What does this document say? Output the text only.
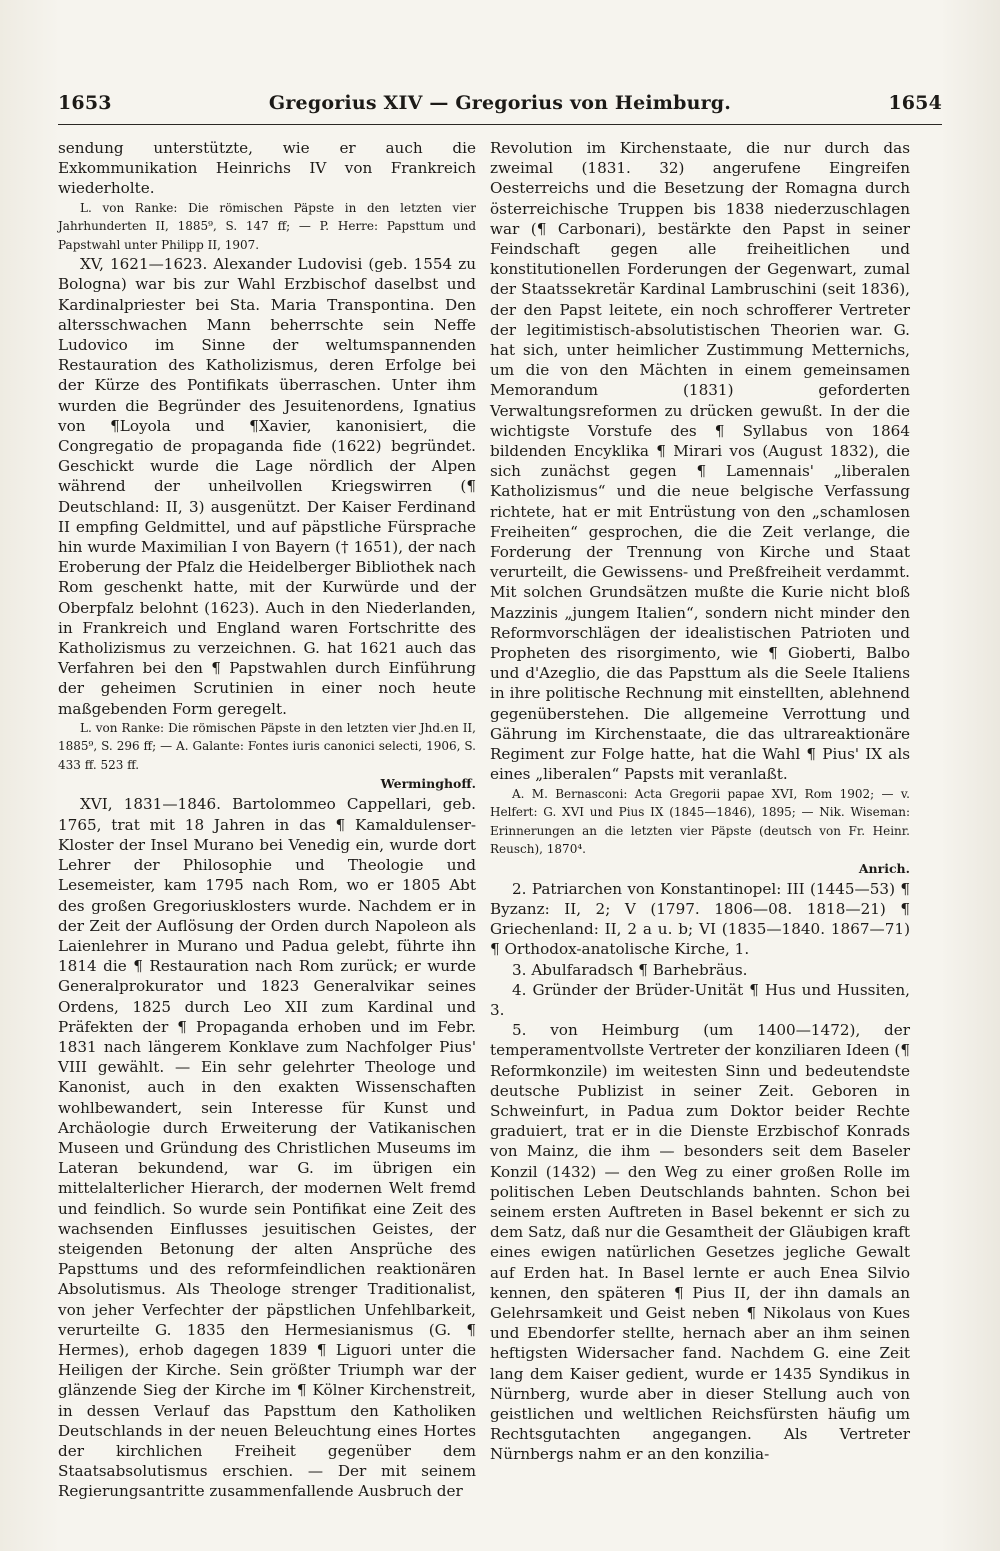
1653	Gregorius XIV — Gregorius von Heimburg.	1654

sendung unterstützte, wie er auch die Exkommunikation Heinrichs IV von Frankreich wiederholte.

L. von Ranke: Die römischen Päpste in den letzten vier Jahrhunderten II, 1885⁹, S. 147 ff; — P. Herre: Papsttum und Papstwahl unter Philipp II, 1907.

XV, 1621—1623. Alexander Ludovisi (geb. 1554 zu Bologna) war bis zur Wahl Erzbischof daselbst und Kardinalpriester bei Sta. Maria Transpontina. Den altersschwachen Mann beherrschte sein Neffe Ludovico im Sinne der weltumspannenden Restauration des Katholizismus, deren Erfolge bei der Kürze des Pontifikats überraschen. Unter ihm wurden die Begründer des Jesuitenordens, Ignatius von ¶Loyola und ¶Xavier, kanonisiert, die Congregatio de propaganda fide (1622) begründet. Geschickt wurde die Lage nördlich der Alpen während der unheilvollen Kriegswirren (¶ Deutschland: II, 3) ausgenützt. Der Kaiser Ferdinand II empfing Geldmittel, und auf päpstliche Fürsprache hin wurde Maximilian I von Bayern († 1651), der nach Eroberung der Pfalz die Heidelberger Bibliothek nach Rom geschenkt hatte, mit der Kurwürde und der Oberpfalz belohnt (1623). Auch in den Niederlanden, in Frankreich und England waren Fortschritte des Katholizismus zu verzeichnen. G. hat 1621 auch das Verfahren bei den ¶ Papstwahlen durch Einführung der geheimen Scrutinien in einer noch heute maßgebenden Form geregelt.

L. von Ranke: Die römischen Päpste in den letzten vier Jhd.en II, 1885⁹, S. 296 ff; — A. Galante: Fontes iuris canonici selecti, 1906, S. 433 ff. 523 ff.

Werminghoff.

XVI, 1831—1846. Bartolommeo Cappellari, geb. 1765, trat mit 18 Jahren in das ¶ Kamaldulenser-Kloster der Insel Murano bei Venedig ein, wurde dort Lehrer der Philosophie und Theologie und Lesemeister, kam 1795 nach Rom, wo er 1805 Abt des großen Gregoriusklosters wurde. Nachdem er in der Zeit der Auflösung der Orden durch Napoleon als Laienlehrer in Murano und Padua gelebt, führte ihn 1814 die ¶ Restauration nach Rom zurück; er wurde Generalprokurator und 1823 Generalvikar seines Ordens, 1825 durch Leo XII zum Kardinal und Präfekten der ¶ Propaganda erhoben und im Febr. 1831 nach längerem Konklave zum Nachfolger Pius' VIII gewählt. — Ein sehr gelehrter Theologe und Kanonist, auch in den exakten Wissenschaften wohlbewandert, sein Interesse für Kunst und Archäologie durch Erweiterung der Vatikanischen Museen und Gründung des Christlichen Museums im Lateran bekundend, war G. im übrigen ein mittelalterlicher Hierarch, der modernen Welt fremd und feindlich. So wurde sein Pontifikat eine Zeit des wachsenden Einflusses jesuitischen Geistes, der steigenden Betonung der alten Ansprüche des Papsttums und des reformfeindlichen reaktionären Absolutismus. Als Theologe strenger Traditionalist, von jeher Verfechter der päpstlichen Unfehlbarkeit, verurteilte G. 1835 den Hermesianismus (G. ¶ Hermes), erhob dagegen 1839 ¶ Liguori unter die Heiligen der Kirche. Sein größter Triumph war der glänzende Sieg der Kirche im ¶ Kölner Kirchenstreit, in dessen Verlauf das Papsttum den Katholiken Deutschlands in der neuen Beleuchtung eines Hortes der kirchlichen Freiheit gegenüber dem Staatsabsolutismus erschien. — Der mit seinem Regierungsantritte zusammenfallende Ausbruch der

Revolution im Kirchenstaate, die nur durch das zweimal (1831. 32) angerufene Eingreifen Oesterreichs und die Besetzung der Romagna durch österreichische Truppen bis 1838 niederzuschlagen war (¶ Carbonari), bestärkte den Papst in seiner Feindschaft gegen alle freiheitlichen und konstitutionellen Forderungen der Gegenwart, zumal der Staatssekretär Kardinal Lambruschini (seit 1836), der den Papst leitete, ein noch schrofferer Vertreter der legitimistisch-absolutistischen Theorien war. G. hat sich, unter heimlicher Zustimmung Metternichs, um die von den Mächten in einem gemeinsamen Memorandum (1831) geforderten Verwaltungsreformen zu drücken gewußt. In der die wichtigste Vorstufe des ¶ Syllabus von 1864 bildenden Encyklika ¶ Mirari vos (August 1832), die sich zunächst gegen ¶ Lamennais' „liberalen Katholizismus“ und die neue belgische Verfassung richtete, hat er mit Entrüstung von den „schamlosen Freiheiten“ gesprochen, die die Zeit verlange, die Forderung der Trennung von Kirche und Staat verurteilt, die Gewissens- und Preßfreiheit verdammt. Mit solchen Grundsätzen mußte die Kurie nicht bloß Mazzinis „jungem Italien“, sondern nicht minder den Reformvorschlägen der idealistischen Patrioten und Propheten des risorgimento, wie ¶ Gioberti, Balbo und d'Azeglio, die das Papsttum als die Seele Italiens in ihre politische Rechnung mit einstellten, ablehnend gegenüberstehen. Die allgemeine Verrottung und Gährung im Kirchenstaate, die das ultrareaktionäre Regiment zur Folge hatte, hat die Wahl ¶ Pius' IX als eines „liberalen“ Papsts mit veranlaßt.

A. M. Bernasconi: Acta Gregorii papae XVI, Rom 1902; — v. Helfert: G. XVI und Pius IX (1845—1846), 1895; — Nik. Wiseman: Erinnerungen an die letzten vier Päpste (deutsch von Fr. Heinr. Reusch), 1870⁴.

Anrich.

2. Patriarchen von Konstantinopel: III (1445—53) ¶ Byzanz: II, 2; V (1797. 1806—08. 1818—21) ¶ Griechenland: II, 2 a u. b; VI (1835—1840. 1867—71) ¶ Orthodox-anatolische Kirche, 1.

3. Abulfaradsch ¶ Barhebräus.

4. Gründer der Brüder-Unität ¶ Hus und Hussiten, 3.

5. von Heimburg (um 1400—1472), der temperamentvollste Vertreter der konziliaren Ideen (¶ Reformkonzile) im weitesten Sinn und bedeutendste deutsche Publizist in seiner Zeit. Geboren in Schweinfurt, in Padua zum Doktor beider Rechte graduiert, trat er in die Dienste Erzbischof Konrads von Mainz, die ihm — besonders seit dem Baseler Konzil (1432) — den Weg zu einer großen Rolle im politischen Leben Deutschlands bahnten. Schon bei seinem ersten Auftreten in Basel bekennt er sich zu dem Satz, daß nur die Gesamtheit der Gläubigen kraft eines ewigen natürlichen Gesetzes jegliche Gewalt auf Erden hat. In Basel lernte er auch Enea Silvio kennen, den späteren ¶ Pius II, der ihn damals an Gelehrsamkeit und Geist neben ¶ Nikolaus von Kues und Ebendorfer stellte, hernach aber an ihm seinen heftigsten Widersacher fand. Nachdem G. eine Zeit lang dem Kaiser gedient, wurde er 1435 Syndikus in Nürnberg, wurde aber in dieser Stellung auch von geistlichen und weltlichen Reichsfürsten häufig um Rechtsgutachten angegangen. Als Vertreter Nürnbergs nahm er an den konzilia-
